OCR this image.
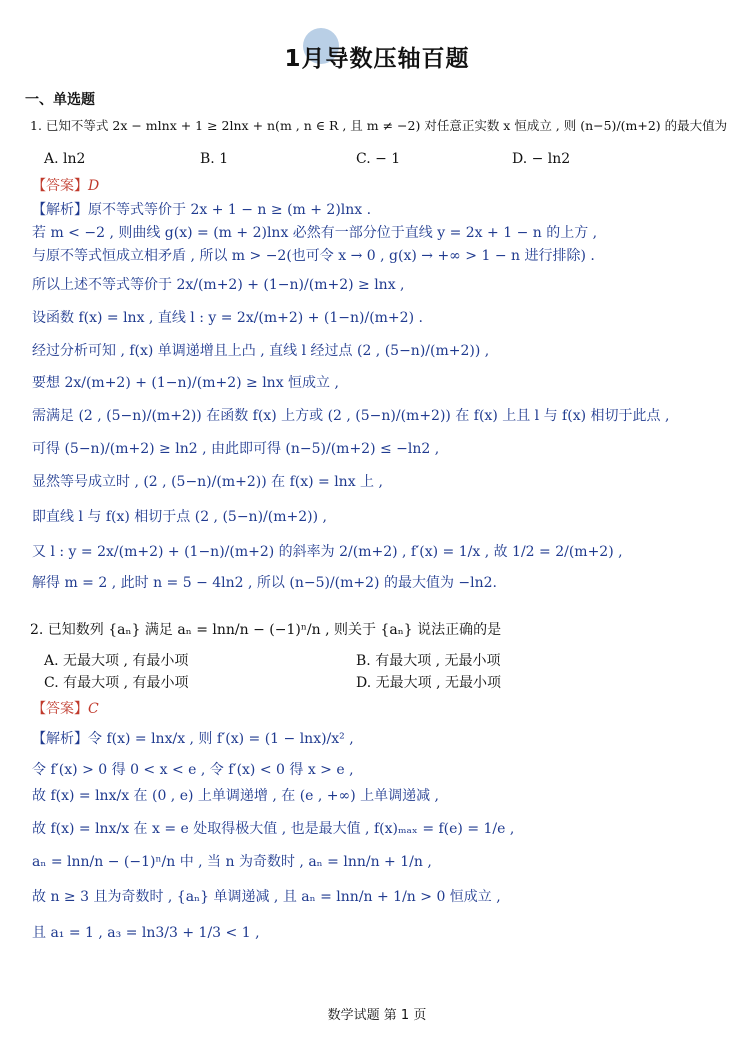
1月导数压轴百题
一、单选题
1. 已知不等式 2x − mlnx + 1 ≥ 2lnx + n(m , n ∈ R , 且 m ≠ −2) 对任意正实数 x 恒成立 , 则 (n−5)/(m+2) 的最大值为
A. ln2	B. 1	C. − 1	D. − ln2
【答案】D
【解析】原不等式等价于 2x + 1 − n ≥ (m + 2)lnx .
若 m < −2 , 则曲线 g(x) = (m + 2)lnx 必然有一部分位于直线 y = 2x + 1 − n 的上方 ,
与原不等式恒成立相矛盾 , 所以 m > −2(也可令 x → 0 , g(x) → +∞ > 1 − n 进行排除) .
所以上述不等式等价于 2x/(m+2) + (1−n)/(m+2) ≥ lnx ,
设函数 f(x) = lnx , 直线 l : y = 2x/(m+2) + (1−n)/(m+2) .
经过分析可知 , f(x) 单调递增且上凸 , 直线 l 经过点 (2 , (5−n)/(m+2)) ,
要想 2x/(m+2) + (1−n)/(m+2) ≥ lnx 恒成立 ,
需满足 (2 , (5−n)/(m+2)) 在函数 f(x) 上方或 (2 , (5−n)/(m+2)) 在 f(x) 上且 l 与 f(x) 相切于此点 ,
可得 (5−n)/(m+2) ≥ ln2 , 由此即可得 (n−5)/(m+2) ≤ −ln2 ,
显然等号成立时 , (2 , (5−n)/(m+2)) 在 f(x) = lnx 上 ,
即直线 l 与 f(x) 相切于点 (2 , (5−n)/(m+2)) ,
又 l : y = 2x/(m+2) + (1−n)/(m+2) 的斜率为 2/(m+2) , f′(x) = 1/x , 故 1/2 = 2/(m+2) ,
解得 m = 2 , 此时 n = 5 − 4ln2 , 所以 (n−5)/(m+2) 的最大值为 −ln2.
2. 已知数列 {aₙ} 满足 aₙ = lnn/n − (−1)ⁿ/n , 则关于 {aₙ} 说法正确的是
A. 无最大项 , 有最小项	B. 有最大项 , 无最小项
C. 有最大项 , 有最小项	D. 无最大项 , 无最小项
【答案】C
【解析】令 f(x) = lnx/x , 则 f′(x) = (1 − lnx)/x² ,
令 f′(x) > 0 得 0 < x < e , 令 f′(x) < 0 得 x > e ,
故 f(x) = lnx/x 在 (0 , e) 上单调递增 , 在 (e , +∞) 上单调递减 ,
故 f(x) = lnx/x 在 x = e 处取得极大值 , 也是最大值 , f(x)ₘₐₓ = f(e) = 1/e ,
aₙ = lnn/n − (−1)ⁿ/n 中 , 当 n 为奇数时 , aₙ = lnn/n + 1/n ,
故 n ≥ 3 且为奇数时 , {aₙ} 单调递减 , 且 aₙ = lnn/n + 1/n > 0 恒成立 ,
且 a₁ = 1 , a₃ = ln3/3 + 1/3 < 1 ,
数学试题 第 1 页
